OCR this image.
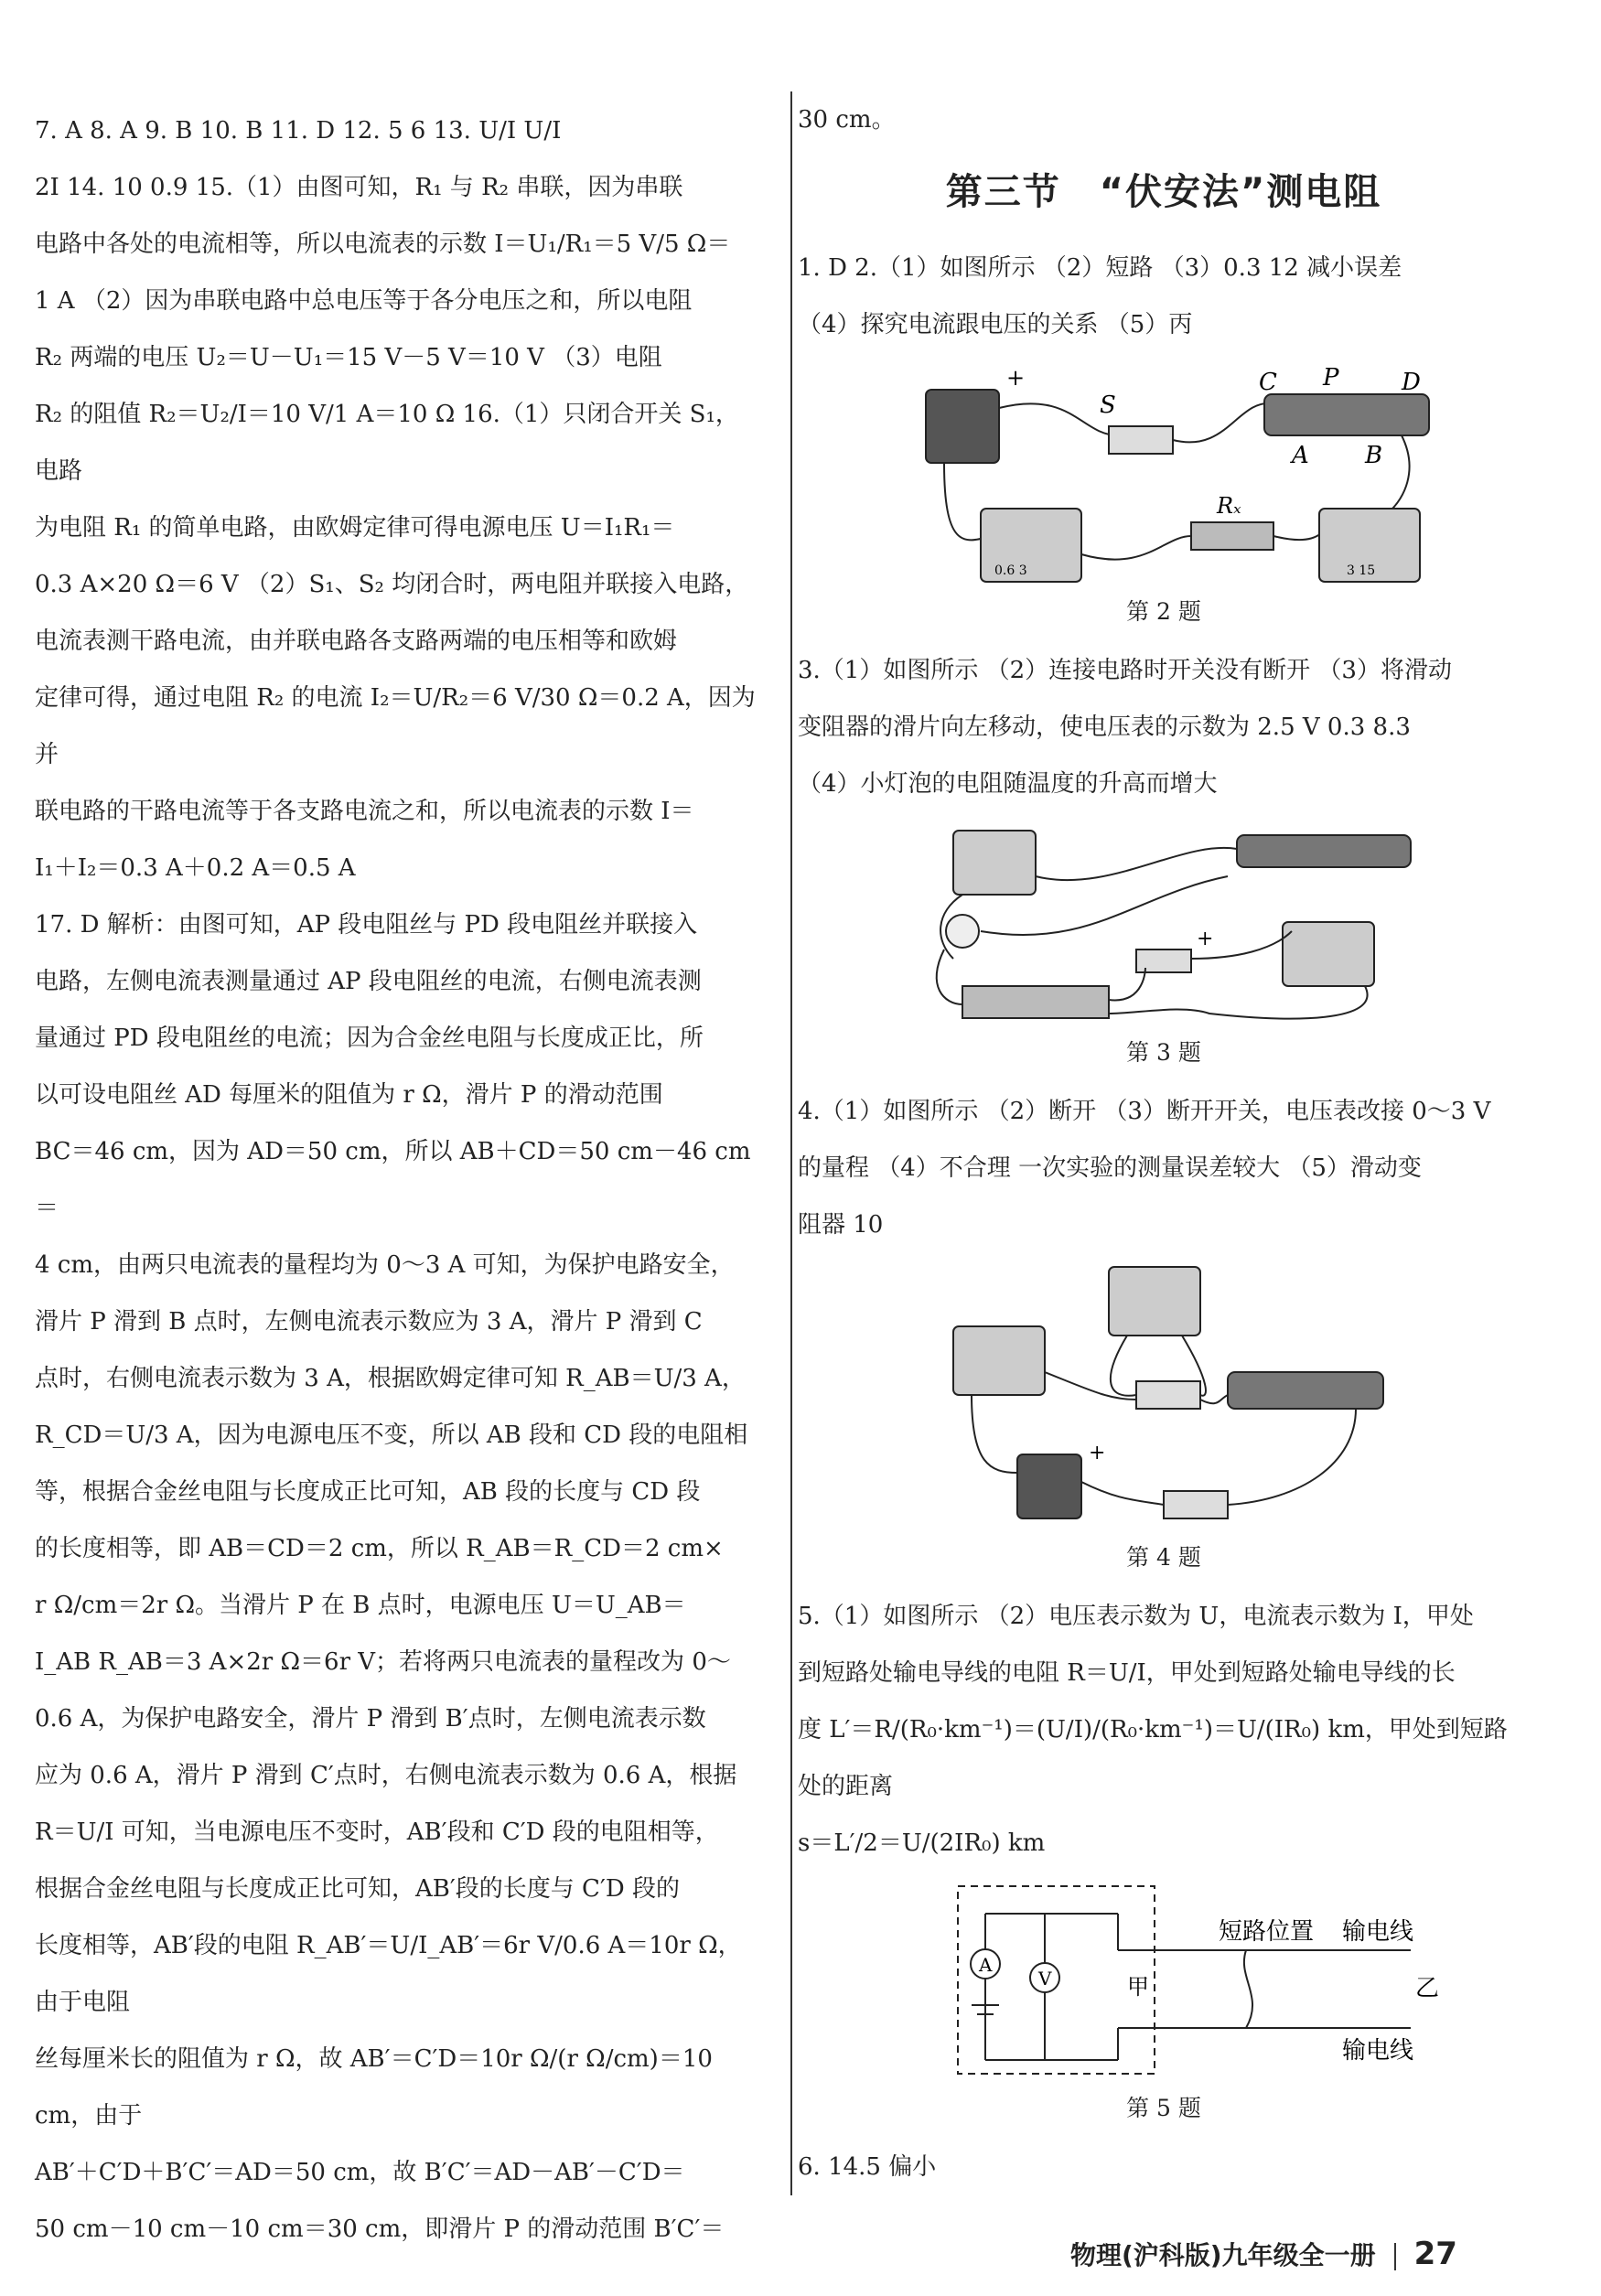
7. A 8. A 9. B 10. B 11. D 12. 5 6 13. U/I U/I

2I 14. 10 0.9 15.（1）由图可知，R₁ 与 R₂ 串联，因为串联

电路中各处的电流相等，所以电流表的示数 I＝U₁/R₁＝5 V/5 Ω＝

1 A （2）因为串联电路中总电压等于各分电压之和，所以电阻

R₂ 两端的电压 U₂＝U－U₁＝15 V－5 V＝10 V （3）电阻

R₂ 的阻值 R₂＝U₂/I＝10 V/1 A＝10 Ω 16.（1）只闭合开关 S₁，电路

为电阻 R₁ 的简单电路，由欧姆定律可得电源电压 U＝I₁R₁＝

0.3 A×20 Ω＝6 V （2）S₁、S₂ 均闭合时，两电阻并联接入电路，

电流表测干路电流，由并联电路各支路两端的电压相等和欧姆

定律可得，通过电阻 R₂ 的电流 I₂＝U/R₂＝6 V/30 Ω＝0.2 A，因为并

联电路的干路电流等于各支路电流之和，所以电流表的示数 I＝

I₁＋I₂＝0.3 A＋0.2 A＝0.5 A

17. D 解析：由图可知，AP 段电阻丝与 PD 段电阻丝并联接入

电路，左侧电流表测量通过 AP 段电阻丝的电流，右侧电流表测

量通过 PD 段电阻丝的电流；因为合金丝电阻与长度成正比，所

以可设电阻丝 AD 每厘米的阻值为 r Ω，滑片 P 的滑动范围

BC＝46 cm，因为 AD＝50 cm，所以 AB＋CD＝50 cm－46 cm＝

4 cm，由两只电流表的量程均为 0～3 A 可知，为保护电路安全，

滑片 P 滑到 B 点时，左侧电流表示数应为 3 A，滑片 P 滑到 C

点时，右侧电流表示数为 3 A，根据欧姆定律可知 R_AB＝U/3 A，

R_CD＝U/3 A，因为电源电压不变，所以 AB 段和 CD 段的电阻相

等，根据合金丝电阻与长度成正比可知，AB 段的长度与 CD 段

的长度相等，即 AB＝CD＝2 cm，所以 R_AB＝R_CD＝2 cm×

r Ω/cm＝2r Ω。当滑片 P 在 B 点时，电源电压 U＝U_AB＝

I_AB R_AB＝3 A×2r Ω＝6r V；若将两只电流表的量程改为 0～

0.6 A，为保护电路安全，滑片 P 滑到 B′点时，左侧电流表示数

应为 0.6 A，滑片 P 滑到 C′点时，右侧电流表示数为 0.6 A，根据

R＝U/I 可知，当电源电压不变时，AB′段和 C′D 段的电阻相等，

根据合金丝电阻与长度成正比可知，AB′段的长度与 C′D 段的

长度相等，AB′段的电阻 R_AB′＝U/I_AB′＝6r V/0.6 A＝10r Ω，由于电阻

丝每厘米长的阻值为 r Ω，故 AB′＝C′D＝10r Ω/(r Ω/cm)＝10 cm，由于

AB′＋C′D＋B′C′＝AD＝50 cm，故 B′C′＝AD－AB′－C′D＝

50 cm－10 cm－10 cm＝30 cm，即滑片 P 的滑动范围 B′C′＝

30 cm。

第三节　“伏安法”测电阻

1. D 2.（1）如图所示 （2）短路 （3）0.3 12 减小误差

（4）探究电流跟电压的关系 （5）丙

S
C P	D
A B
Rₓ
+
0.6 3	3 15
第 2 题

3.（1）如图所示 （2）连接电路时开关没有断开 （3）将滑动

变阻器的滑片向左移动，使电压表的示数为 2.5 V 0.3 8.3

（4）小灯泡的电阻随温度的升高而增大

+
第 3 题

4.（1）如图所示 （2）断开 （3）断开开关，电压表改接 0～3 V

的量程 （4）不合理 一次实验的测量误差较大 （5）滑动变

阻器 10

+
第 4 题

5.（1）如图所示 （2）电压表示数为 U，电流表示数为 I，甲处

到短路处输电导线的电阻 R＝U/I，甲处到短路处输电导线的长

度 L′＝R/(R₀·km⁻¹)＝(U/I)/(R₀·km⁻¹)＝U/(IR₀) km，甲处到短路处的距离

s＝L′/2＝U/(2IR₀) km

A
V	甲
短路位置 输电线
乙
输电线
第 5 题

6. 14.5 偏小

物理(沪科版)九年级全一册 27
